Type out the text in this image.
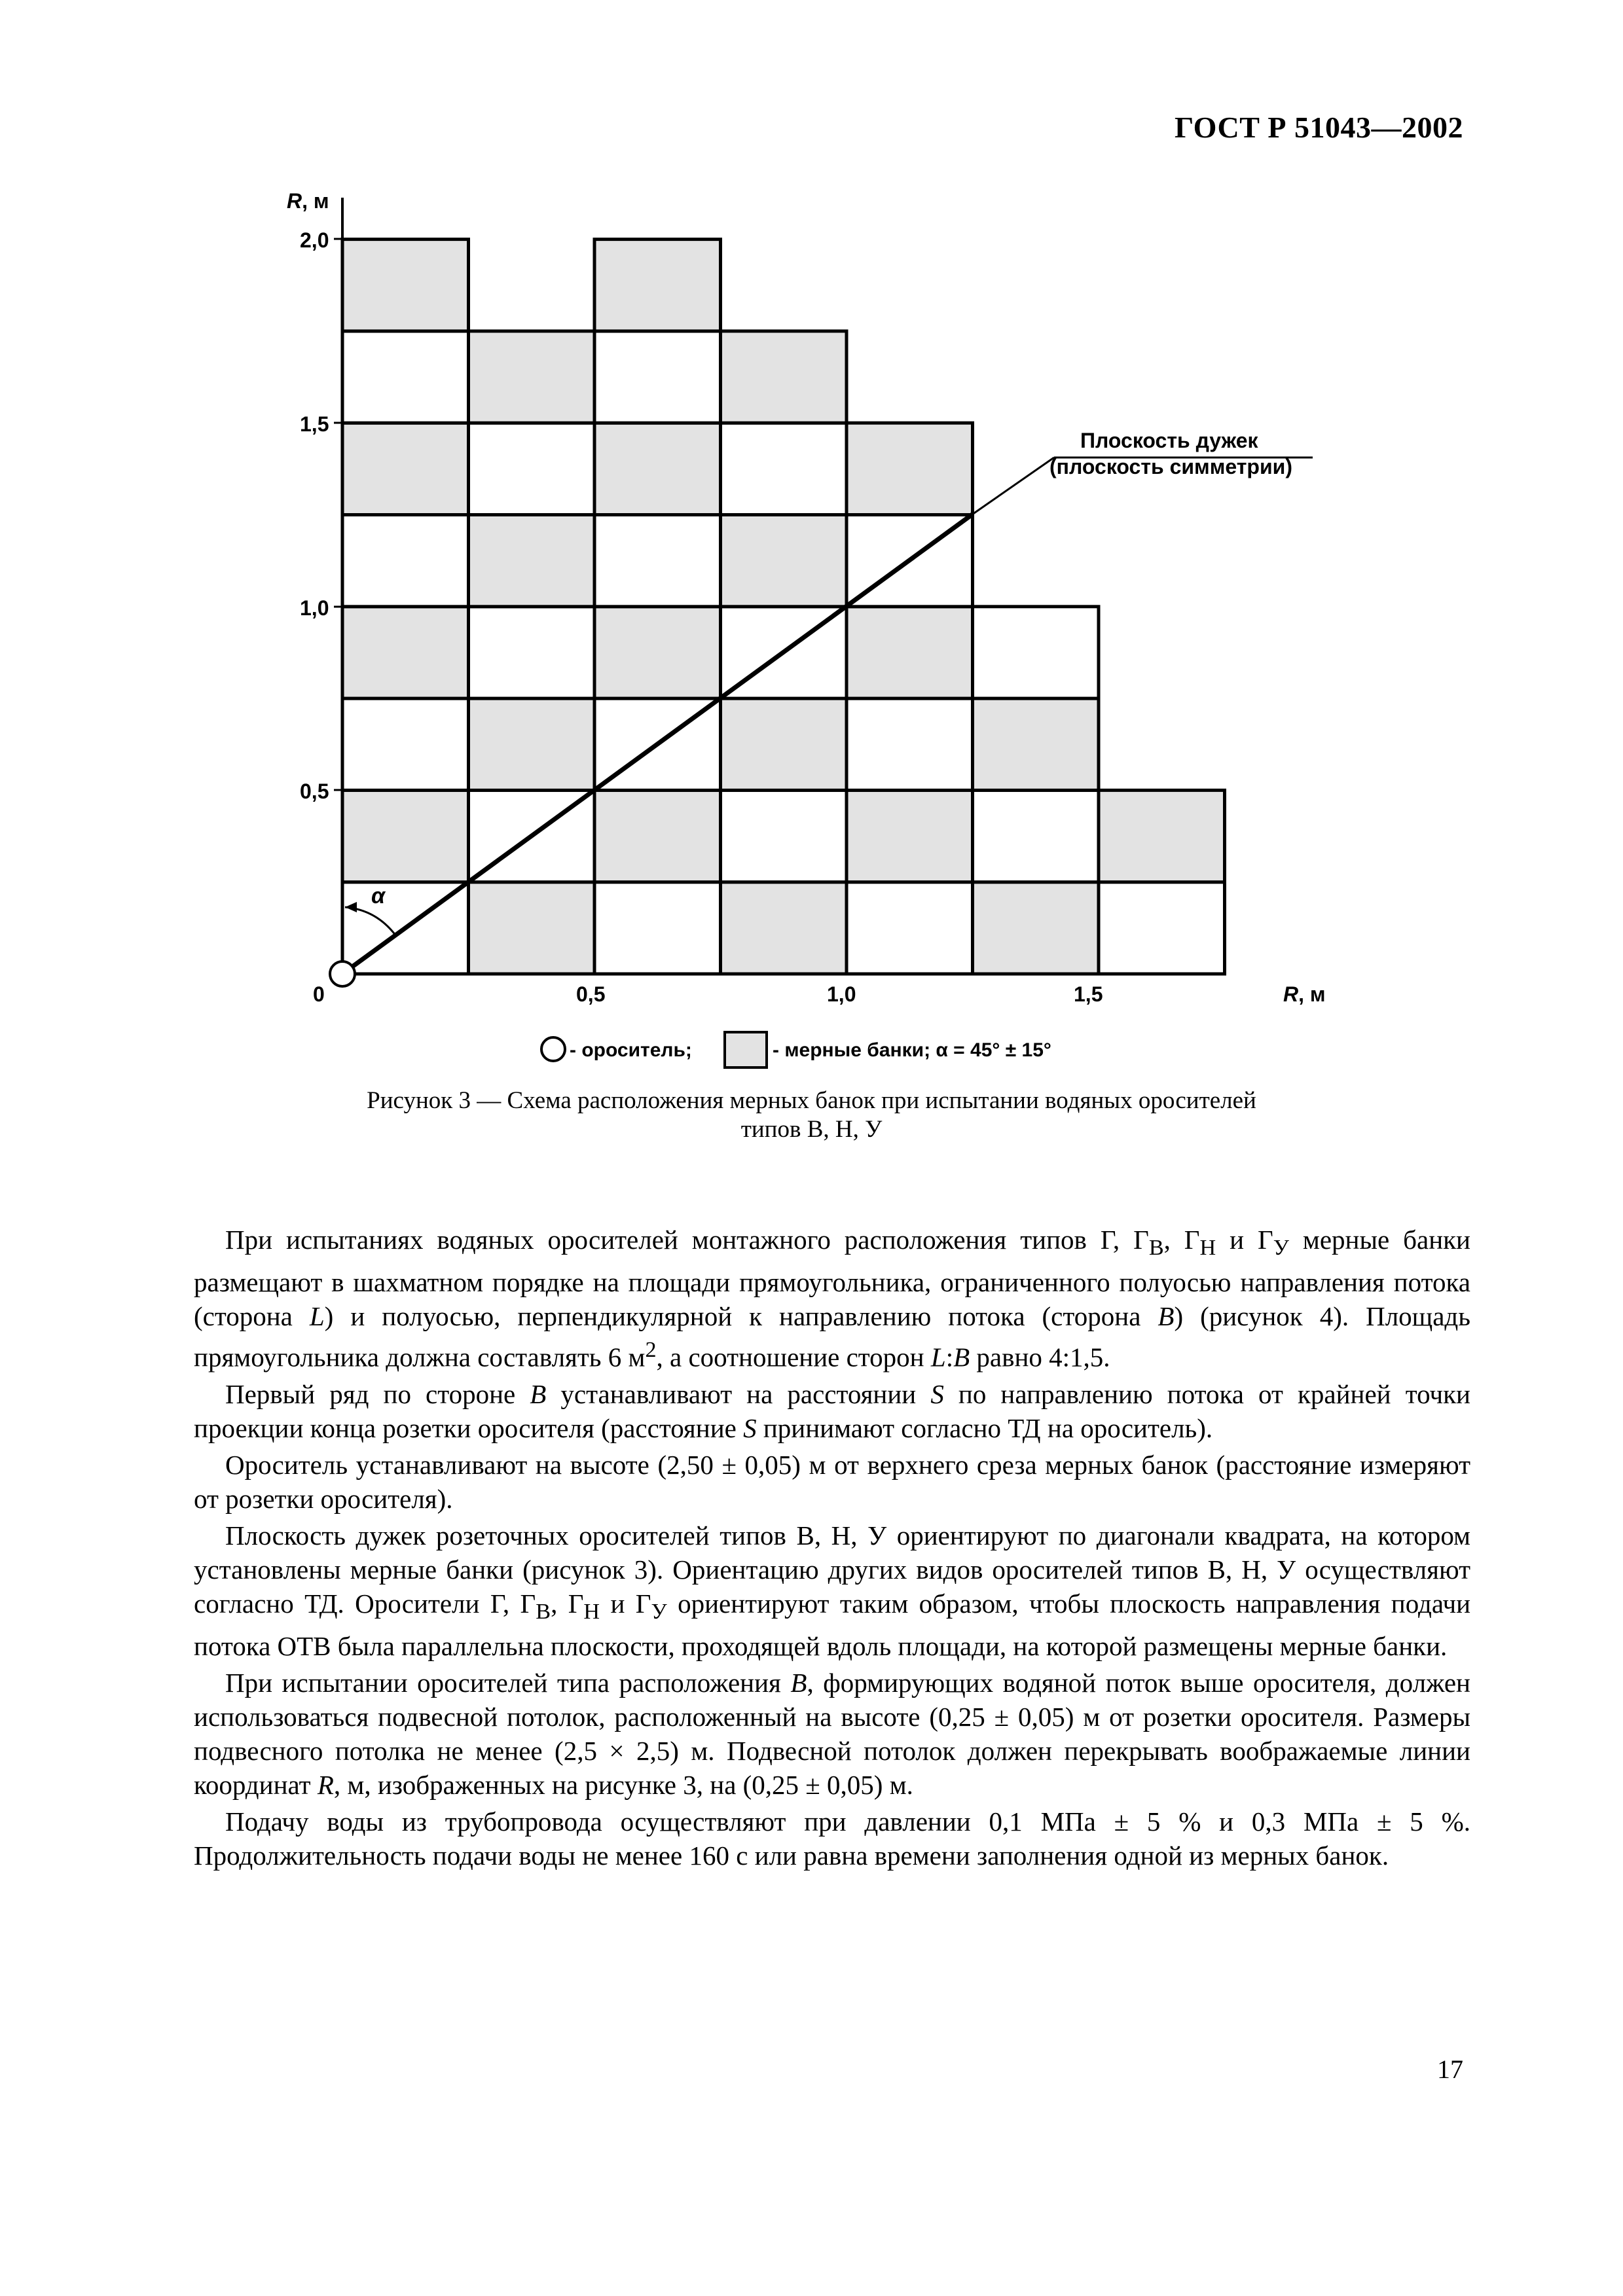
ГОСТ Р 51043—2002
α
R, м
2,0
1,5
1,0
0,5
0	0,5	1,0	1,5	R, м
Плоскость дужек
(плоскость симметрии)
- ороситель;	- мерные банки; α = 45° ± 15°
Рисунок 3 — Схема расположения мерных банок при испытании водяных оросителей
типов В, Н, У

При испытаниях водяных оросителей монтажного расположения типов Г, $Г_В$, $Г_Н$ и $Г_У$ мерные банки размещают в шахматном порядке на площади прямоугольника, ограниченного полуосью направления потока (сторона L) и полуосью, перпендикулярной к направлению потока (сторона B) (рисунок 4). Площадь прямоугольника должна составлять 6 $м^2$, а соотношение сторон L:B равно 4:1,5.

Первый ряд по стороне B устанавливают на расстоянии S по направлению потока от крайней точки проекции конца розетки оросителя (расстояние S принимают согласно ТД на ороситель).

Ороситель устанавливают на высоте (2,50 ± 0,05) м от верхнего среза мерных банок (расстояние измеряют от розетки оросителя).

Плоскость дужек розеточных оросителей типов В, Н, У ориентируют по диагонали квадрата, на котором установлены мерные банки (рисунок 3). Ориентацию других видов оросителей типов В, Н, У осуществляют согласно ТД. Оросители Г, $Г_В$, $Г_Н$ и $Г_У$ ориентируют таким образом, чтобы плоскость направления подачи потока ОТВ была параллельна плоскости, проходящей вдоль площади, на которой размещены мерные банки.

При испытании оросителей типа расположения B, формирующих водяной поток выше оросителя, должен использоваться подвесной потолок, расположенный на высоте (0,25 ± 0,05) м от розетки оросителя. Размеры подвесного потолка не менее (2,5 × 2,5) м. Подвесной потолок должен перекрывать воображаемые линии координат R, м, изображенных на рисунке 3, на (0,25 ± 0,05) м.

Подачу воды из трубопровода осуществляют при давлении 0,1 МПа ± 5 % и 0,3 МПа ± 5 %. Продолжительность подачи воды не менее 160 с или равна времени заполнения одной из мерных банок.

17
